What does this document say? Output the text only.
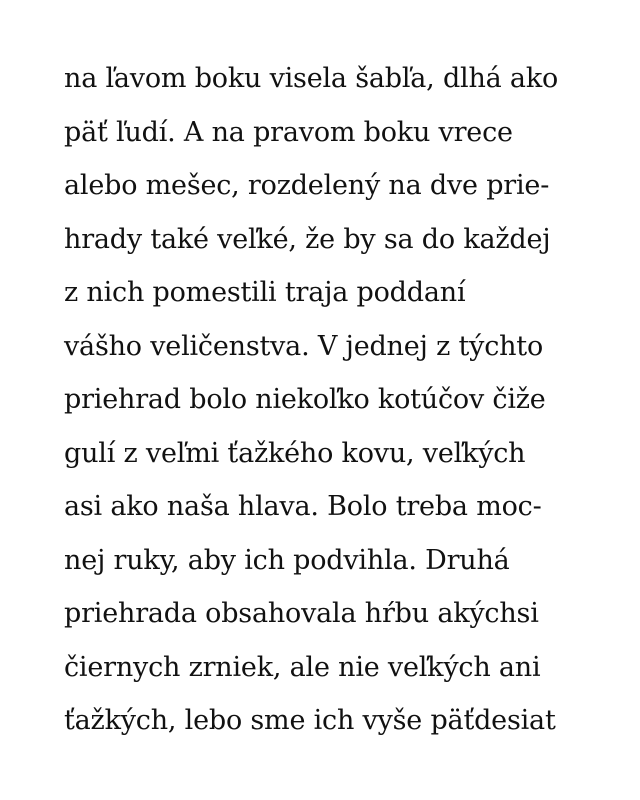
na ľavom boku visela šabľa, dlhá ako
päť ľudí. A na pravom boku vrece
alebo mešec, rozdelený na dve prie-
hrady také veľké, že by sa do každej
z nich pomestili traja poddaní
vášho veličenstva. V jednej z týchto
priehrad bolo niekoľko kotúčov čiže
gulí z veľmi ťažkého kovu, veľkých
asi ako naša hlava. Bolo treba moc-
nej ruky, aby ich podvihla. Druhá
priehrada obsahovala hŕbu akýchsi
čiernych zrniek, ale nie veľkých ani
ťažkých, lebo sme ich vyše päťdesiat
